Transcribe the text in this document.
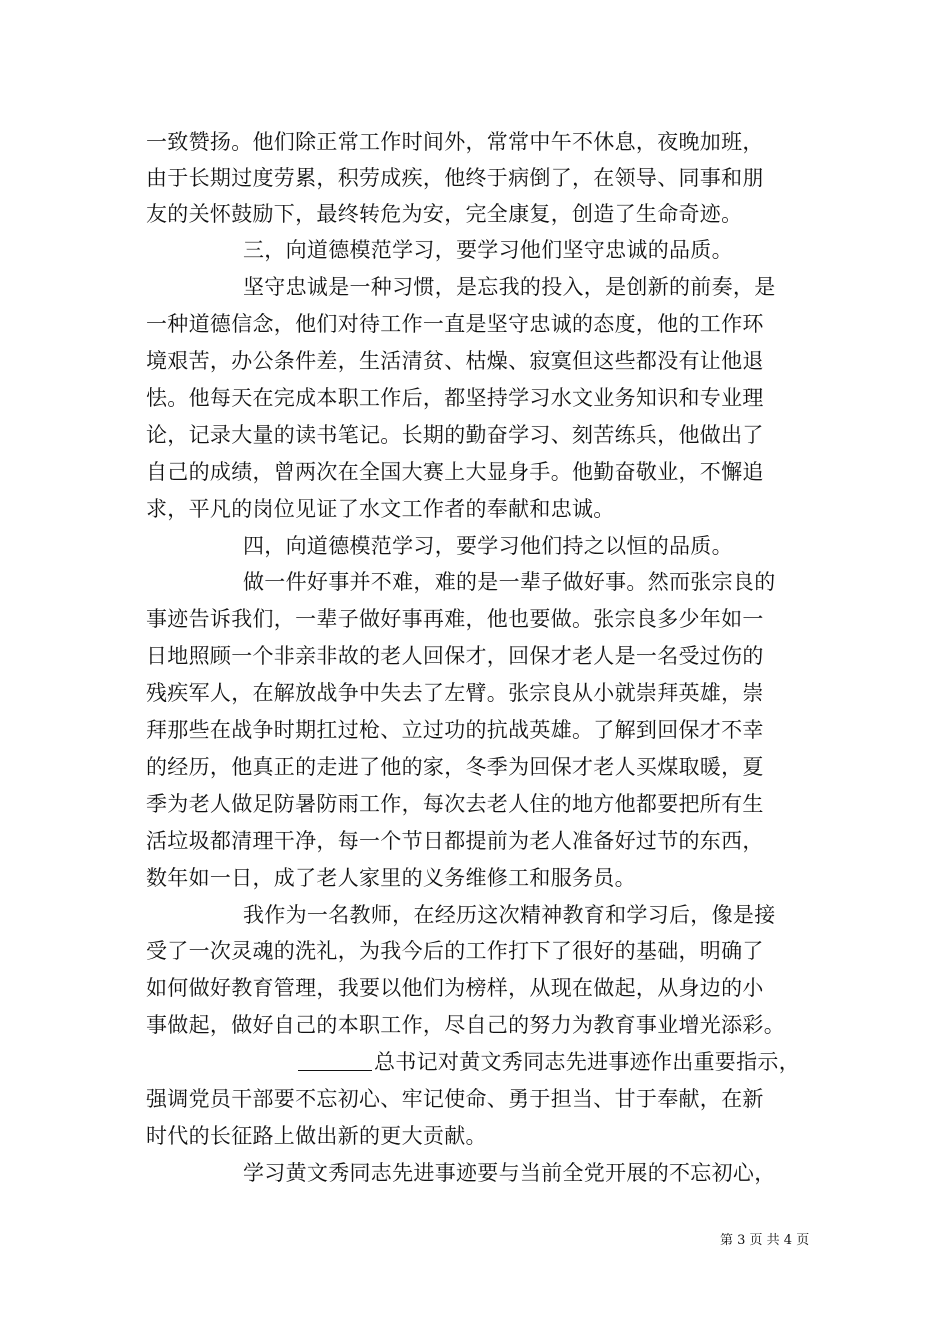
一致赞扬。他们除正常工作时间外，常常中午不休息，夜晚加班，
由于长期过度劳累，积劳成疾，他终于病倒了，在领导、同事和朋
友的关怀鼓励下，最终转危为安，完全康复，创造了生命奇迹。
三，向道德模范学习，要学习他们坚守忠诚的品质。
坚守忠诚是一种习惯，是忘我的投入，是创新的前奏，是
一种道德信念，他们对待工作一直是坚守忠诚的态度，他的工作环
境艰苦，办公条件差，生活清贫、枯燥、寂寞但这些都没有让他退
怯。他每天在完成本职工作后，都坚持学习水文业务知识和专业理
论，记录大量的读书笔记。长期的勤奋学习、刻苦练兵，他做出了
自己的成绩，曾两次在全国大赛上大显身手。他勤奋敬业，不懈追
求，平凡的岗位见证了水文工作者的奉献和忠诚。
四，向道德模范学习，要学习他们持之以恒的品质。
做一件好事并不难，难的是一辈子做好事。然而张宗良的
事迹告诉我们，一辈子做好事再难，他也要做。张宗良多少年如一
日地照顾一个非亲非故的老人回保才，回保才老人是一名受过伤的
残疾军人，在解放战争中失去了左臂。张宗良从小就崇拜英雄，崇
拜那些在战争时期扛过枪、立过功的抗战英雄。了解到回保才不幸
的经历，他真正的走进了他的家，冬季为回保才老人买煤取暖，夏
季为老人做足防暑防雨工作，每次去老人住的地方他都要把所有生
活垃圾都清理干净，每一个节日都提前为老人准备好过节的东西，
数年如一日，成了老人家里的义务维修工和服务员。
我作为一名教师，在经历这次精神教育和学习后，像是接
受了一次灵魂的洗礼，为我今后的工作打下了很好的基础，明确了
如何做好教育管理，我要以他们为榜样，从现在做起，从身边的小
事做起，做好自己的本职工作，尽自己的努力为教育事业增光添彩。
总书记对黄文秀同志先进事迹作出重要指示，
强调党员干部要不忘初心、牢记使命、勇于担当、甘于奉献，在新
时代的长征路上做出新的更大贡献。
学习黄文秀同志先进事迹要与当前全党开展的不忘初心，
第 3 页 共 4 页
